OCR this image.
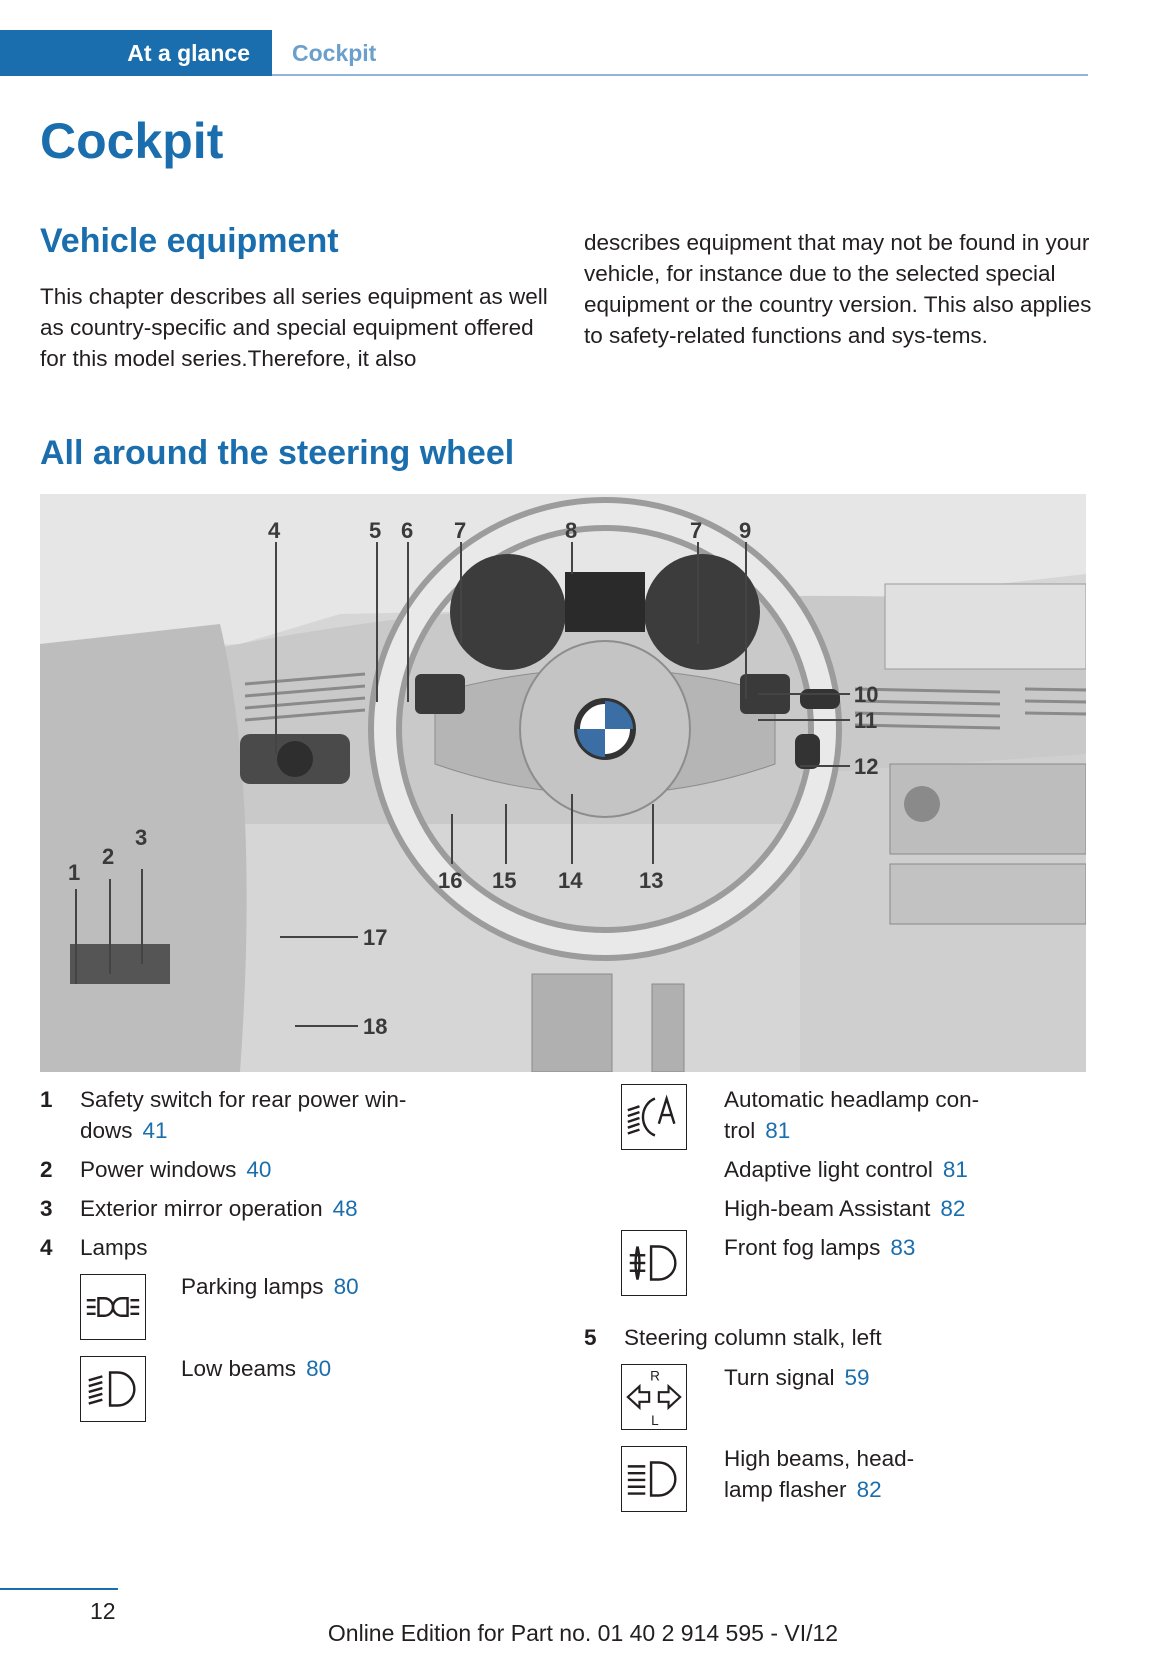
At a glance	Cockpit
Cockpit
Vehicle equipment
This chapter describes all series equipment as well as country-specific and special equipment offered for this model series.Therefore, it also
describes equipment that may not be found in your vehicle, for instance due to the selected special equipment or the country version. This also applies to safety-related functions and sys‐tems.
All around the steering wheel
4	5 6 7	8	7 9
10
11
12
16 15 14	13
1
2
3
17
18
1 Safety switch for rear power win‐
dows 41
2 Power windows 40
3 Exterior mirror operation 48
4 Lamps
Parking lamps 80
Low beams 80
Automatic headlamp con‐
trol 81
Adaptive light control 81
High-beam Assistant 82
Front fog lamps 83
5 Steering column stalk, left
R
L
Turn signal 59
High beams, head‐
lamp flasher 82
12
Online Edition for Part no. 01 40 2 914 595 - VI/12
